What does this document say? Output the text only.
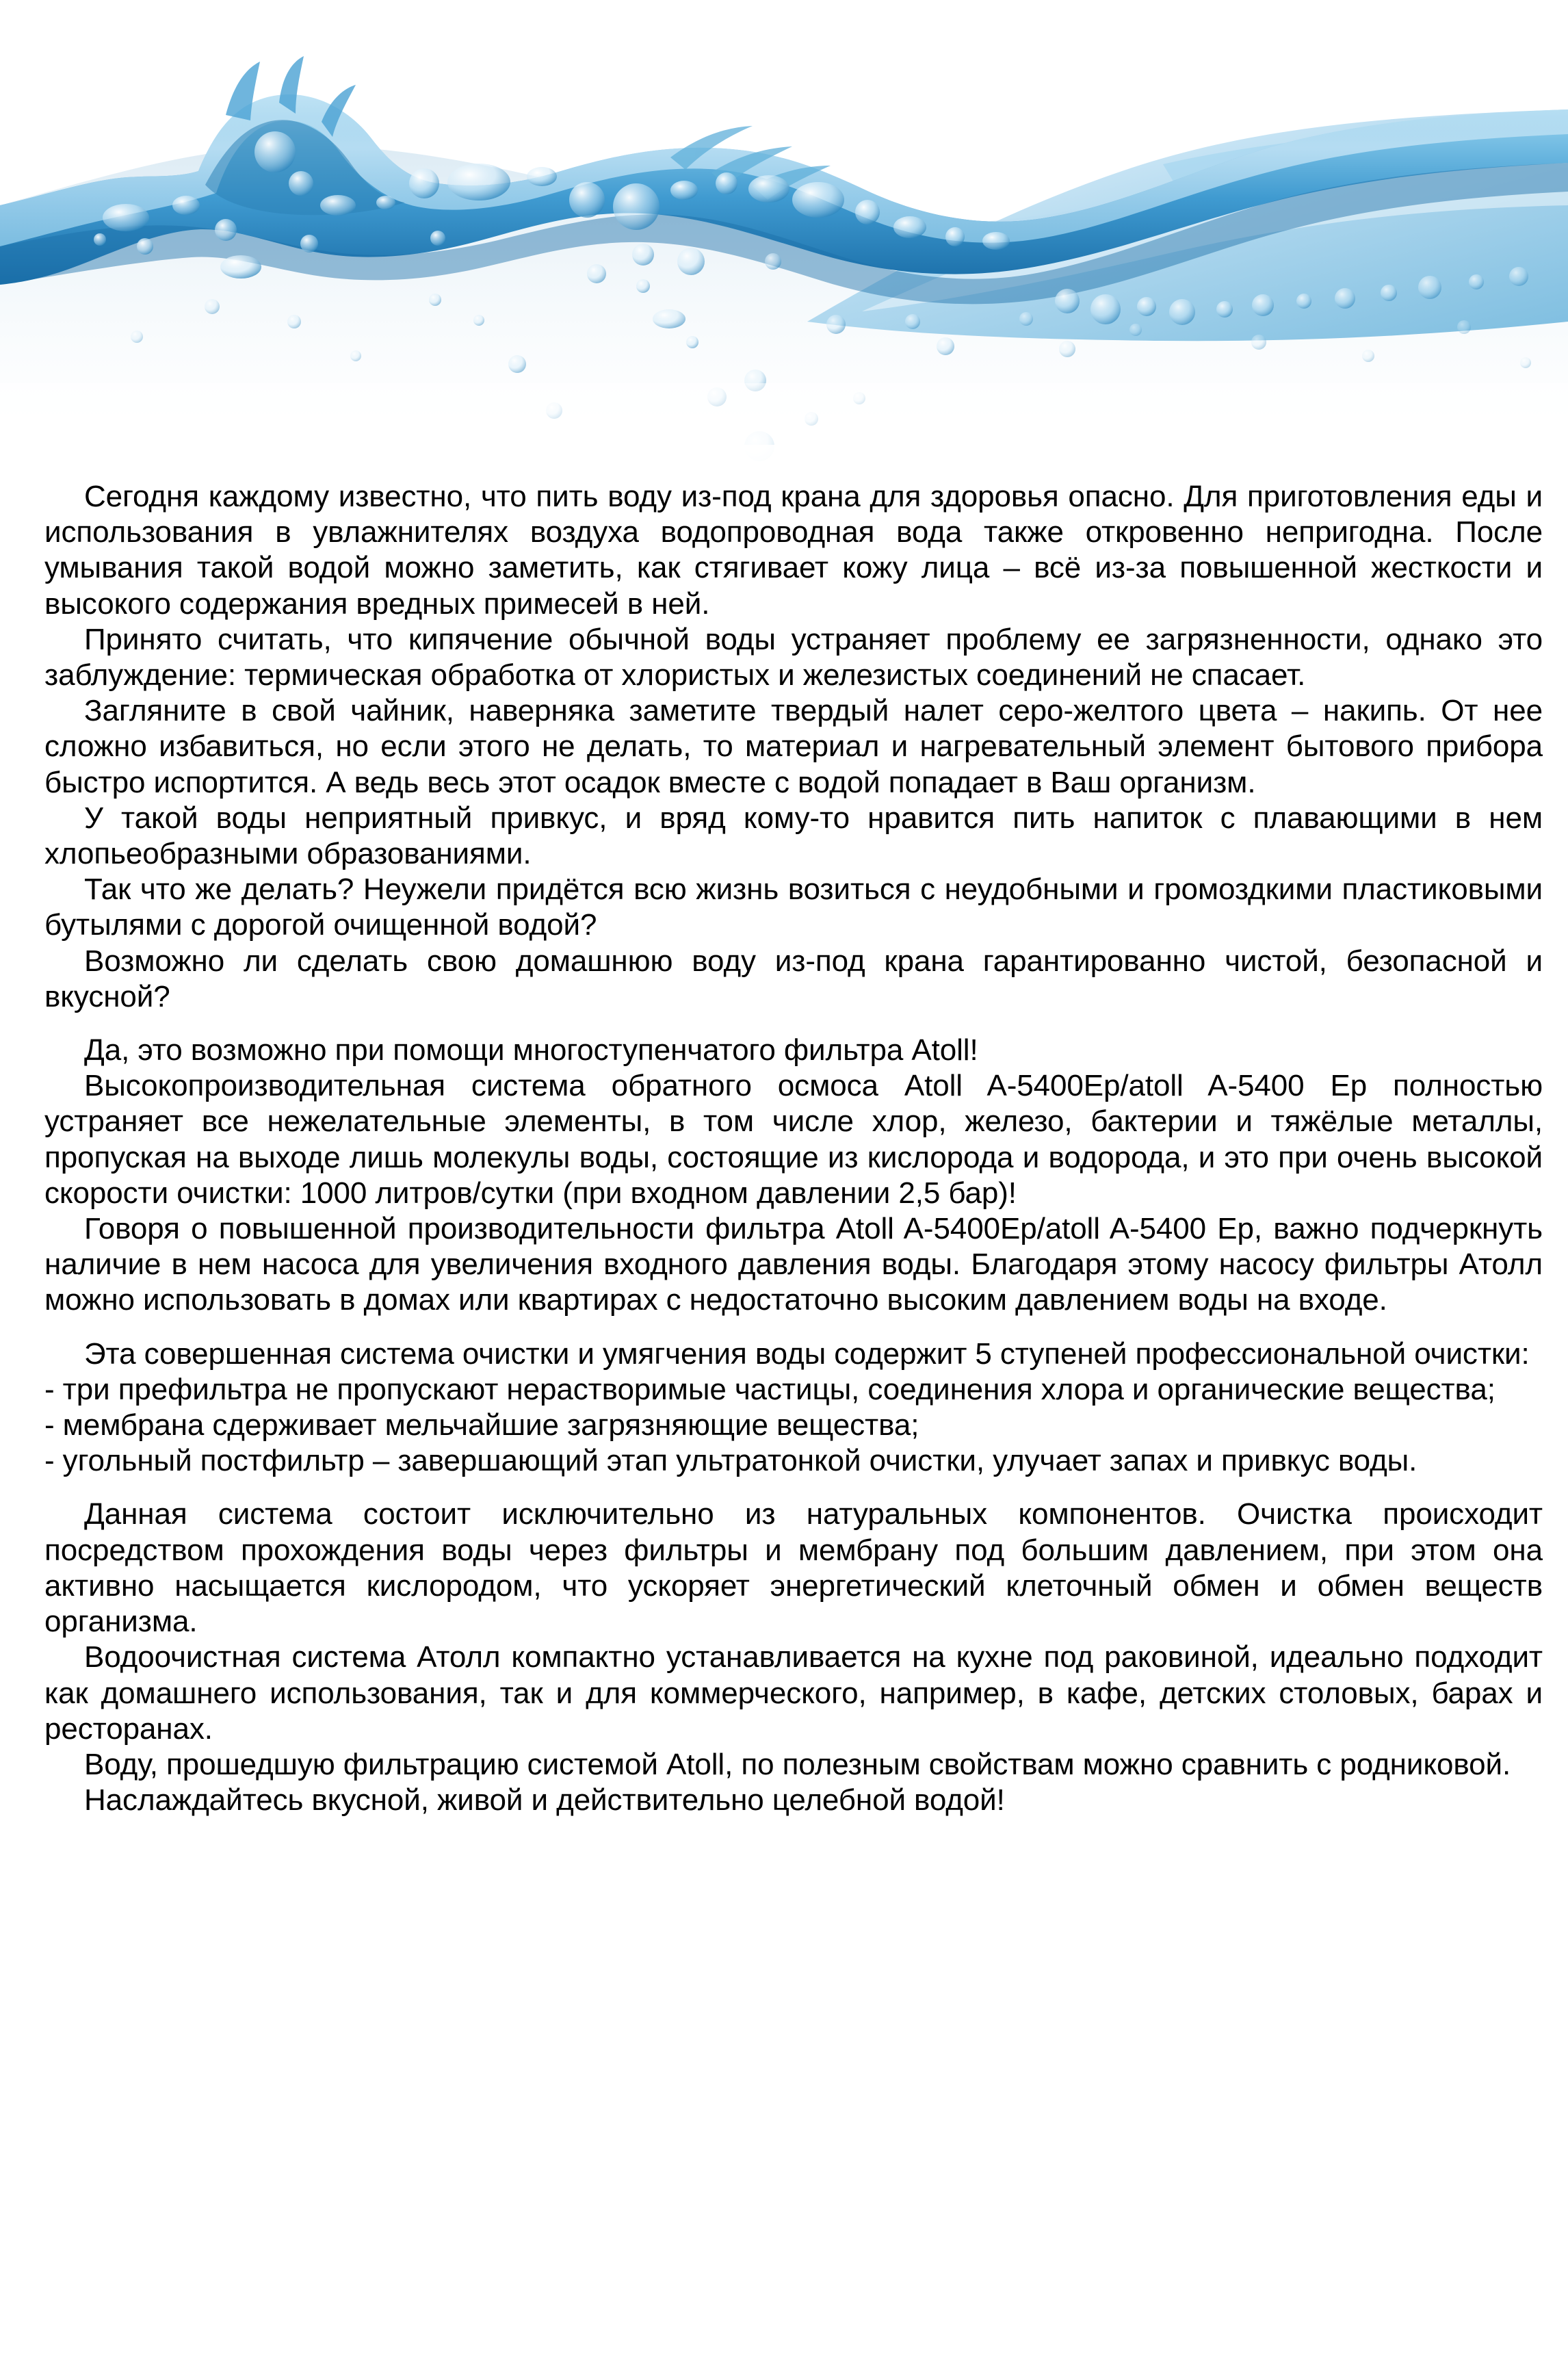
Сегодня каждому известно, что пить воду из-под крана для здоровья опасно. Для приготовления еды и использования в увлажнителях воздуха водопроводная вода также откровенно непригодна. После умывания такой водой можно заметить, как стягивает кожу лица – всё из-за повышенной жесткости и высокого содержания вредных примесей в ней.

Принято считать, что кипячение обычной воды устраняет проблему ее загрязненности, однако это заблуждение: термическая обработка от хлористых и железистых соединений не спасает.

Загляните в свой чайник, наверняка заметите твердый налет серо-желтого цвета – накипь. От нее сложно избавиться, но если этого не делать, то материал и нагревательный элемент бытового прибора быстро испортится. А ведь весь этот осадок вместе с водой попадает в Ваш организм.

У такой воды неприятный привкус, и вряд кому-то нравится пить напиток с плавающими в нем хлопьеобразными образованиями.

Так что же делать? Неужели придётся всю жизнь возиться с неудобными и громоздкими пластиковыми бутылями с дорогой очищенной водой?

Возможно ли сделать свою домашнюю воду из-под крана гарантированно чистой, безопасной и вкусной?

Да, это возможно при помощи многоступенчатого фильтра Atoll!

Высокопроизводительная система обратного осмоса Atoll A-5400Ep/atoll A-5400 Ep полностью устраняет все нежелательные элементы, в том числе хлор, железо, бактерии и тяжёлые металлы, пропуская на выходе лишь молекулы воды, состоящие из кислорода и водорода, и это при очень высокой скорости очистки: 1000 литров/сутки (при входном давлении 2,5 бар)!

Говоря о повышенной производительности фильтра Atoll A-5400Ep/atoll A-5400 Ep, важно подчеркнуть наличие в нем насоса для увеличения входного давления воды. Благодаря этому насосу фильтры Атолл можно использовать в домах или квартирах с недостаточно высоким давлением воды на входе.

Эта совершенная система очистки и умягчения воды содержит 5 ступеней профессиональной очистки:

- три префильтра не пропускают нерастворимые частицы, соединения хлора и органические вещества;

- мембрана сдерживает мельчайшие загрязняющие вещества;

- угольный постфильтр – завершающий этап ультратонкой очистки, улучает запах и привкус воды.

Данная система состоит исключительно из натуральных компонентов. Очистка происходит посредством прохождения воды через фильтры и мембрану под большим давлением, при этом она активно насыщается кислородом, что ускоряет энергетический клеточный обмен и обмен веществ организма.

Водоочистная система Атолл компактно устанавливается на кухне под раковиной, идеально подходит как домашнего использования, так и для коммерческого, например, в кафе, детских столовых, барах и ресторанах.

Воду, прошедшую фильтрацию системой Atoll, по полезным свойствам можно сравнить с родниковой.

Наслаждайтесь вкусной, живой и действительно целебной водой!
